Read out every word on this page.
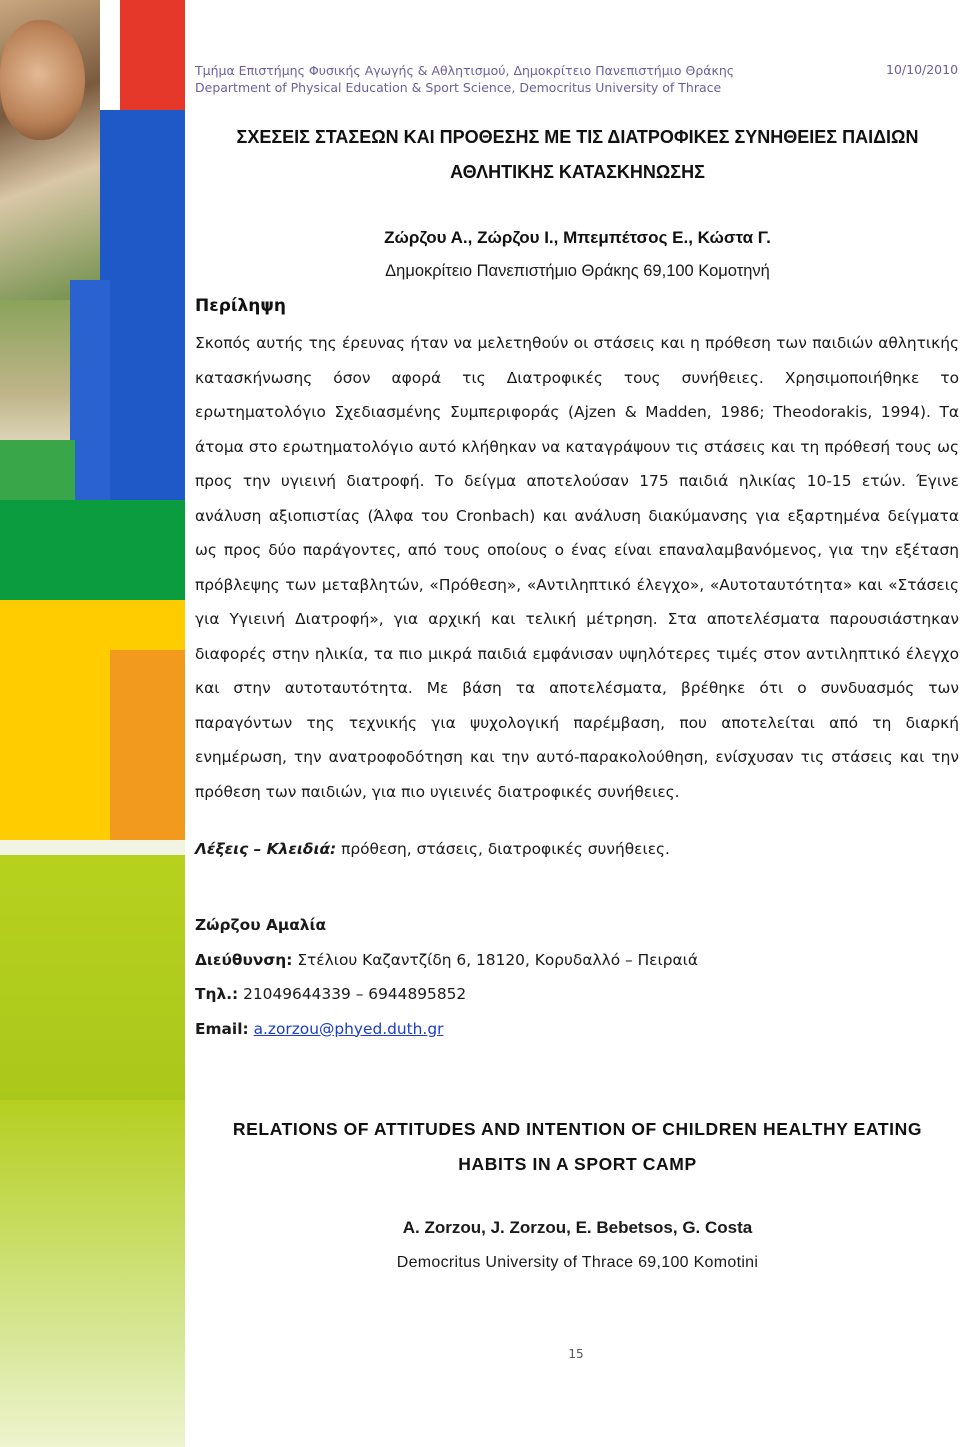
Τμήμα Επιστήμης Φυσικής Αγωγής & Αθλητισμού, Δημοκρίτειο Πανεπιστήμιο Θράκης
Department of Physical Education & Sport Science, Democritus University of Thrace
10/10/2010
ΣΧΕΣΕΙΣ ΣΤΑΣΕΩΝ ΚΑΙ ΠΡΟΘΕΣΗΣ ΜΕ ΤΙΣ ΔΙΑΤΡΟΦΙΚΕΣ ΣΥΝΗΘΕΙΕΣ ΠΑΙΔΙΩΝ
ΑΘΛΗΤΙΚΗΣ ΚΑΤΑΣΚΗΝΩΣΗΣ
Ζώρζου Α., Ζώρζου Ι., Μπεμπέτσος Ε., Κώστα Γ.
Δημοκρίτειο Πανεπιστήμιο Θράκης 69,100 Κομοτηνή
Περίληψη

Σκοπός αυτής της έρευνας ήταν να μελετηθούν οι στάσεις και η πρόθεση των παιδιών αθλητικής κατασκήνωσης όσον αφορά τις Διατροφικές τους συνήθειες. Χρησιμοποιήθηκε το ερωτηματολόγιο Σχεδιασμένης Συμπεριφοράς (Ajzen & Madden, 1986; Theodorakis, 1994). Τα άτομα στο ερωτηματολόγιο αυτό κλήθηκαν να καταγράψουν τις στάσεις και τη πρόθεσή τους ως προς την υγιεινή διατροφή. Το δείγμα αποτελούσαν 175 παιδιά ηλικίας 10-15 ετών. Έγινε ανάλυση αξιοπιστίας (Άλφα του Cronbach) και ανάλυση διακύμανσης για εξαρτημένα δείγματα ως προς δύο παράγοντες, από τους οποίους ο ένας είναι επαναλαμβανόμενος, για την εξέταση πρόβλεψης των μεταβλητών, «Πρόθεση», «Αντιληπτικό έλεγχο», «Αυτοταυτότητα» και «Στάσεις για Υγιεινή Διατροφή», για αρχική και τελική μέτρηση. Στα αποτελέσματα παρουσιάστηκαν διαφορές στην ηλικία, τα πιο μικρά παιδιά εμφάνισαν υψηλότερες τιμές στον αντιληπτικό έλεγχο και στην αυτοταυτότητα. Με βάση τα αποτελέσματα, βρέθηκε ότι ο συνδυασμός των παραγόντων της τεχνικής για ψυχολογική παρέμβαση, που αποτελείται από τη διαρκή ενημέρωση, την ανατροφοδότηση και την αυτό-παρακολούθηση, ενίσχυσαν τις στάσεις και την πρόθεση των παιδιών, για πιο υγιεινές διατροφικές συνήθειες.

Λέξεις – Κλειδιά: πρόθεση, στάσεις, διατροφικές συνήθειες.
Ζώρζου Αμαλία
Διεύθυνση: Στέλιου Καζαντζίδη 6, 18120, Κορυδαλλό – Πειραιά
Τηλ.: 21049644339 – 6944895852
Email: a.zorzou@phyed.duth.gr
RELATIONS OF ATTITUDES AND INTENTION OF CHILDREN HEALTHY EATING
HABITS IN A SPORT CAMP
A. Zorzou, J. Zorzou, E. Bebetsos, G. Costa
Democritus University of Thrace 69,100 Komotini
15
